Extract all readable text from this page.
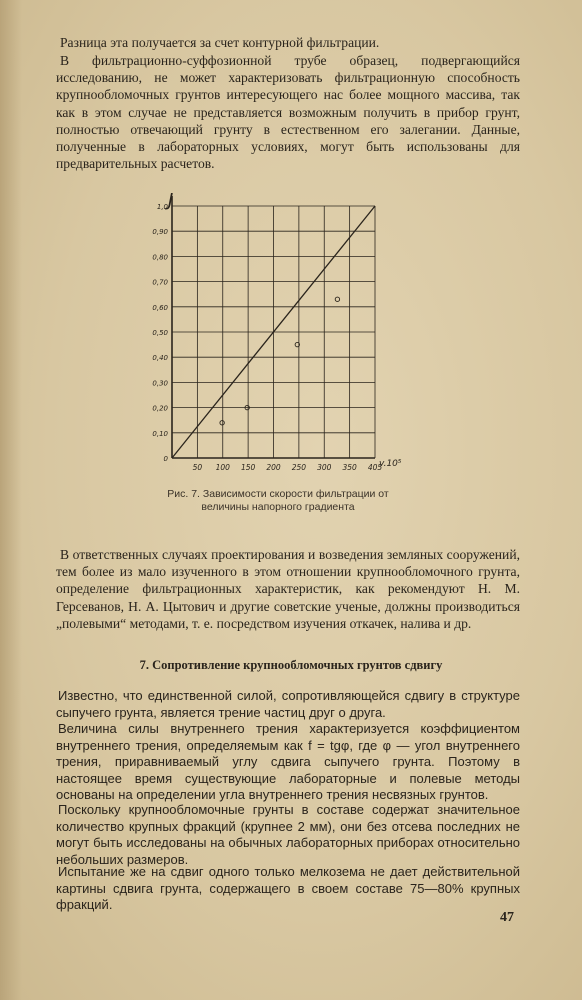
Разница эта получается за счет контурной фильтрации.

В фильтрационно-суффозионной трубе образец, подвергающийся исследованию, не может характеризовать фильтрационную способность крупнообломочных грунтов интересующего нас более мощного массива, так как в этом случае не представляется возможным получить в прибор грунт, полностью отвечающий грунту в естественном его залегании. Данные, полученные в лабораторных условиях, могут быть использованы для предварительных расчетов.

0
0,10
0,20
0,30
0,40
0,50
0,60
0,70
0,80
0,90
1,0
50 100 150 200 250 300 350 405
J
v.10⁵
Рис. 7. Зависимости скорости фильтрации от величины напорного градиента

В ответственных случаях проектирования и возведения земляных сооружений, тем более из мало изученного в этом отношении крупнообломочного грунта, определение фильтрационных характеристик, как рекомендуют Н. М. Герсеванов, Н. А. Цытович и другие советские ученые, должны производиться „полевыми“ методами, т. е. посредством изучения откачек, налива и др.

7. Сопротивление крупнообломочных грунтов сдвигу

Известно, что единственной силой, сопротивляющейся сдвигу в структуре сыпучего грунта, является трение частиц друг о друга.

Величина силы внутреннего трения характеризуется коэффициентом внутреннего трения, определяемым как f = tgφ, где φ — угол внутреннего трения, приравниваемый углу сдвига сыпучего грунта. Поэтому в настоящее время существующие лабораторные и полевые методы основаны на определении угла внутреннего трения несвязных грунтов.

Поскольку крупнообломочные грунты в составе содержат значительное количество крупных фракций (крупнее 2 мм), они без отсева последних не могут быть исследованы на обычных лабораторных приборах относительно небольших размеров.

Испытание же на сдвиг одного только мелкозема не дает действительной картины сдвига грунта, содержащего в своем составе 75—80% крупных фракций.

47
